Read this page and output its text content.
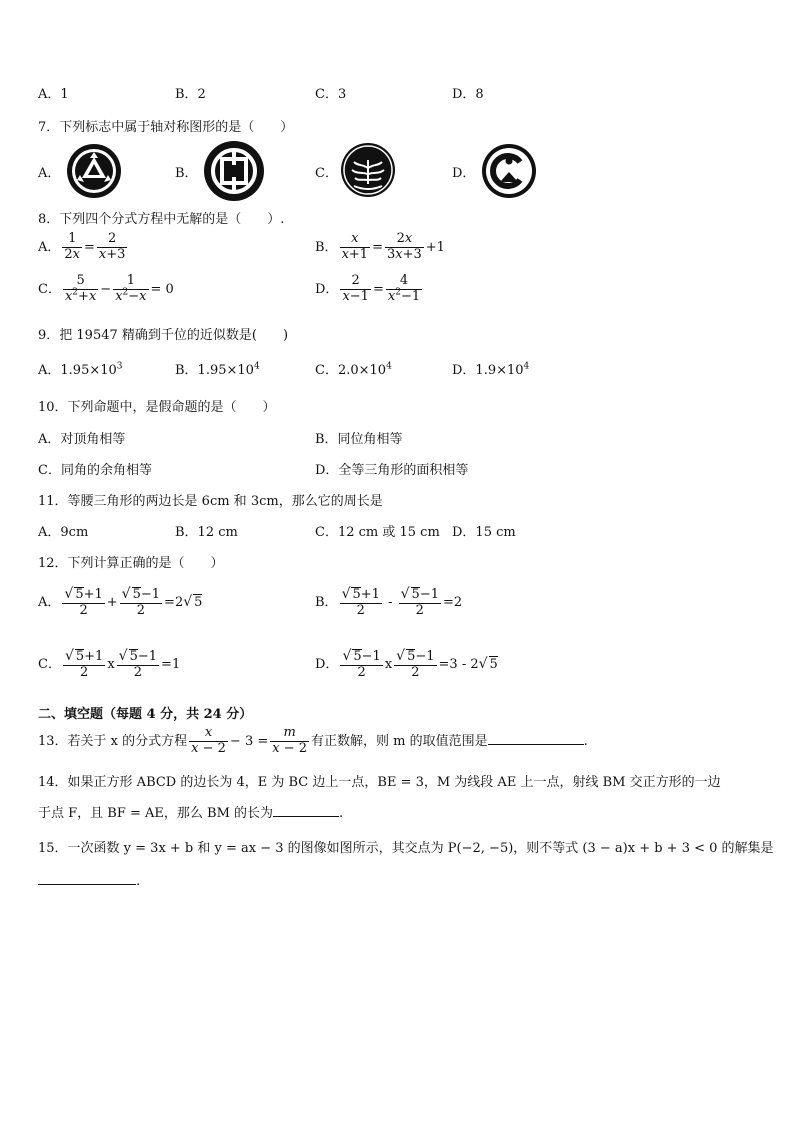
A．1	B．2	C．3	D．8
7．下列标志中属于轴对称图形的是（　　）
A．	B．	C．	D．
8．下列四个分式方程中无解的是（　　）.
A． $\frac{1}{2x} = \frac{2}{x+3}$	B． $\frac{x}{x+1} = \frac{2x}{3x+3} +1$
C． $\frac{5}{x^2+x} - \frac{1}{x^2-x} = 0$	D． $\frac{2}{x-1} = \frac{4}{x^2-1}$
9．把 19547 精确到千位的近似数是(　　)
A．$1.95\times 10^3$	B．$1.95\times 10^4$	C．$2.0\times 10^4$	D．$1.9\times 10^4$
10．下列命题中，是假命题的是（　　）
A．对顶角相等	B．同位角相等
C．同角的余角相等	D．全等三角形的面积相等
11．等腰三角形的两边长是 6cm 和 3cm，那么它的周长是
A．9cm	B．12 cm	C．12 cm 或 15 cm D．15 cm
12．下列计算正确的是（　　）
A． $\frac{√ 5+1}{2} + \frac{√ 5-1}{2} =2√$ 5	B． $\frac{√ 5+1}{2} - \frac{√ 5-1}{2} =2$
C． $\frac{√ 5+1}{2}$ x $\frac{√ 5-1}{2} =1$	D． $\frac{√ 5-1}{2}$ x $\frac{√ 5-1}{2} =3 - 2√$ 5
二、填空题（每题 4 分，共 24 分）
13．若关于 x 的分式方程 $\frac{x}{x - 2} - 3 = \frac{m}{x - 2}$ 有正数解，则 m 的取值范围是	.
14．如果正方形 ABCD 的边长为 4，E 为 BC 边上一点，BE = 3，M 为线段 AE 上一点，射线 BM 交正方形的一边
于点 F，且 BF = AE，那么 BM 的长为	.
15．一次函数 y = 3x + b 和 y = ax − 3 的图像如图所示，其交点为 P(−2, −5)，则不等式 (3 − a)x + b + 3 < 0 的解集是
.
